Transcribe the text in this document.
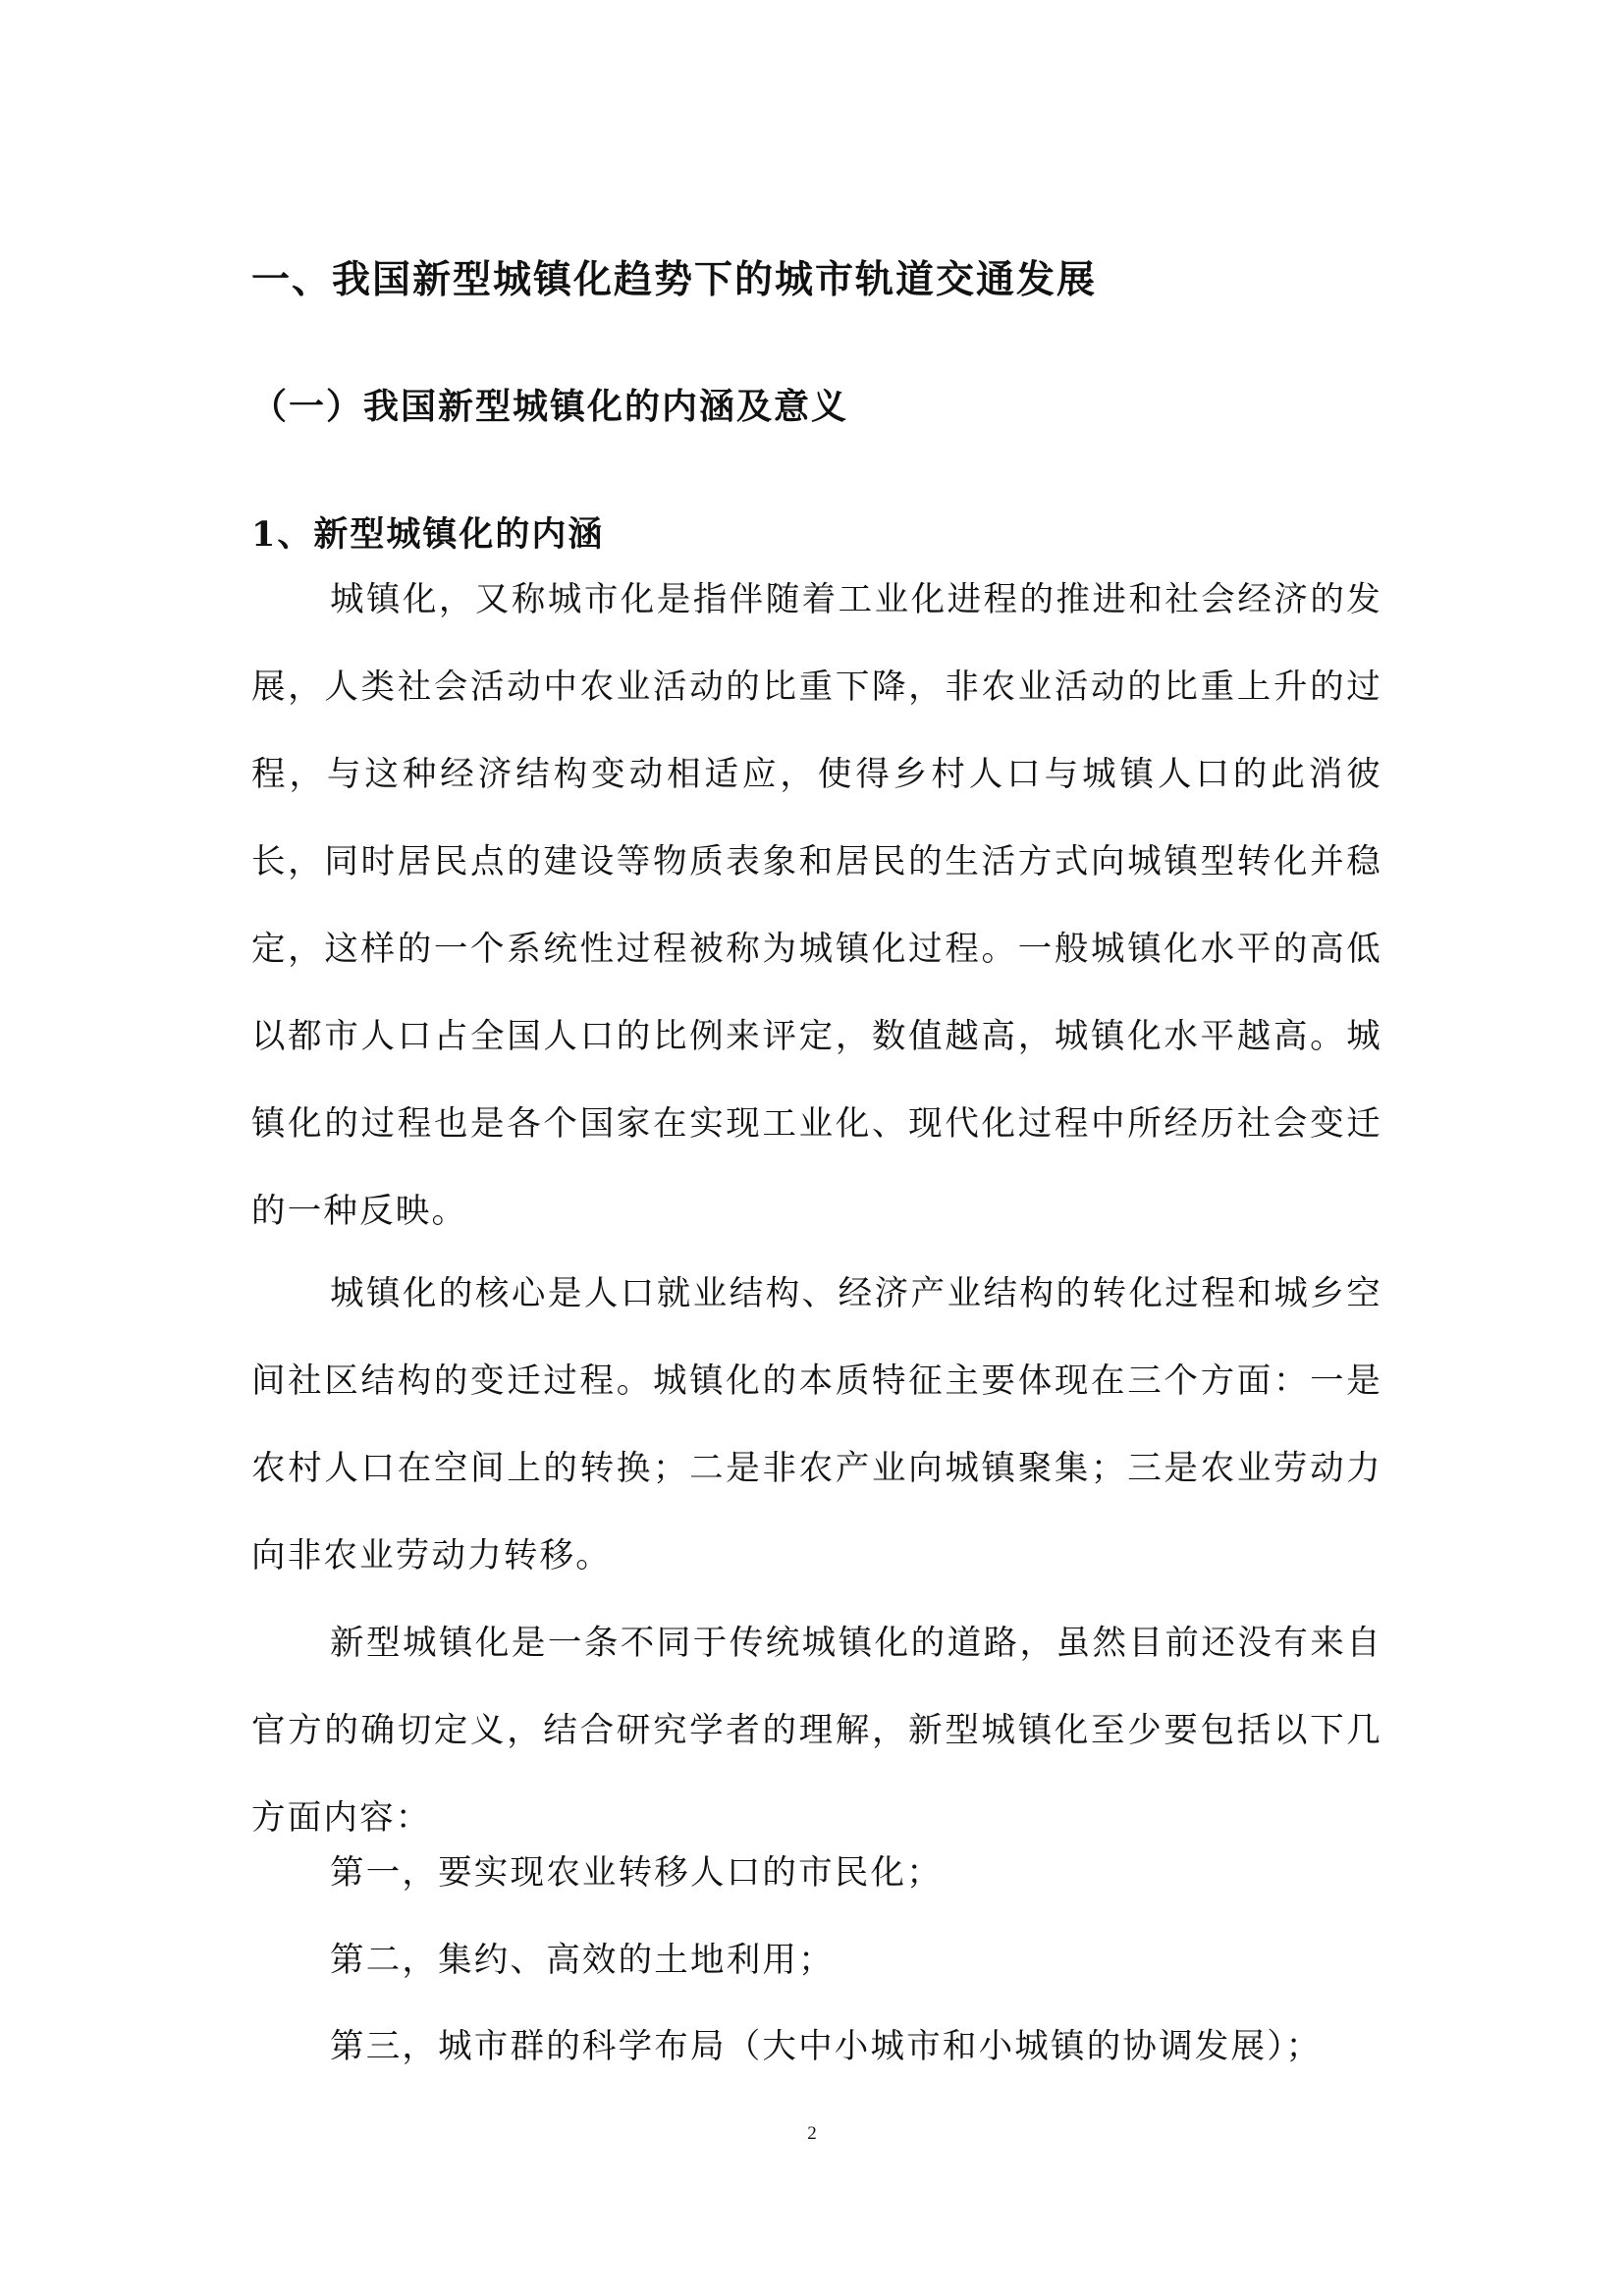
一、我国新型城镇化趋势下的城市轨道交通发展
（一）我国新型城镇化的内涵及意义
1、新型城镇化的内涵

城镇化，又称城市化是指伴随着工业化进程的推进和社会经济的发展，人类社会活动中农业活动的比重下降，非农业活动的比重上升的过程，与这种经济结构变动相适应，使得乡村人口与城镇人口的此消彼长，同时居民点的建设等物质表象和居民的生活方式向城镇型转化并稳定，这样的一个系统性过程被称为城镇化过程。一般城镇化水平的高低以都市人口占全国人口的比例来评定，数值越高，城镇化水平越高。城镇化的过程也是各个国家在实现工业化、现代化过程中所经历社会变迁的一种反映。

城镇化的核心是人口就业结构、经济产业结构的转化过程和城乡空间社区结构的变迁过程。城镇化的本质特征主要体现在三个方面：一是农村人口在空间上的转换；二是非农产业向城镇聚集；三是农业劳动力向非农业劳动力转移。

新型城镇化是一条不同于传统城镇化的道路，虽然目前还没有来自官方的确切定义，结合研究学者的理解，新型城镇化至少要包括以下几方面内容：

第一，要实现农业转移人口的市民化；

第二，集约、高效的土地利用；

第三，城市群的科学布局（大中小城市和小城镇的协调发展）；

2
